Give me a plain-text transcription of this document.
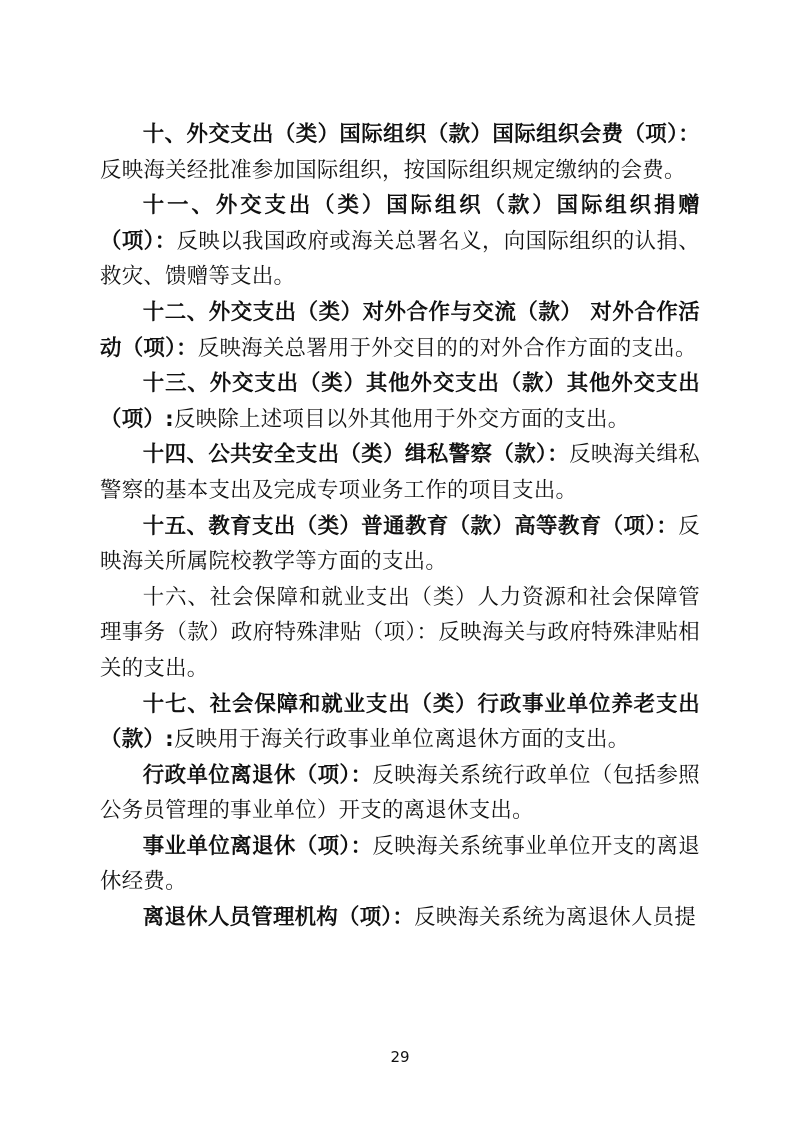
十、外交支出（类）国际组织（款）国际组织会费（项）：反映海关经批准参加国际组织，按国际组织规定缴纳的会费。

十一、外交支出（类）国际组织（款）国际组织捐赠（项）：反映以我国政府或海关总署名义，向国际组织的认捐、救灾、馈赠等支出。

十二、外交支出（类）对外合作与交流（款） 对外合作活动（项）：反映海关总署用于外交目的的对外合作方面的支出。

十三、外交支出（类）其他外交支出（款）其他外交支出（项）:反映除上述项目以外其他用于外交方面的支出。

十四、公共安全支出（类）缉私警察（款）：反映海关缉私警察的基本支出及完成专项业务工作的项目支出。

十五、教育支出（类）普通教育（款）高等教育（项）：反映海关所属院校教学等方面的支出。

十六、社会保障和就业支出（类）人力资源和社会保障管理事务（款）政府特殊津贴（项）：反映海关与政府特殊津贴相关的支出。

十七、社会保障和就业支出（类）行政事业单位养老支出（款）:反映用于海关行政事业单位离退休方面的支出。

行政单位离退休（项）：反映海关系统行政单位（包括参照公务员管理的事业单位）开支的离退休支出。

事业单位离退休（项）：反映海关系统事业单位开支的离退休经费。

离退休人员管理机构（项）：反映海关系统为离退休人员提

29
